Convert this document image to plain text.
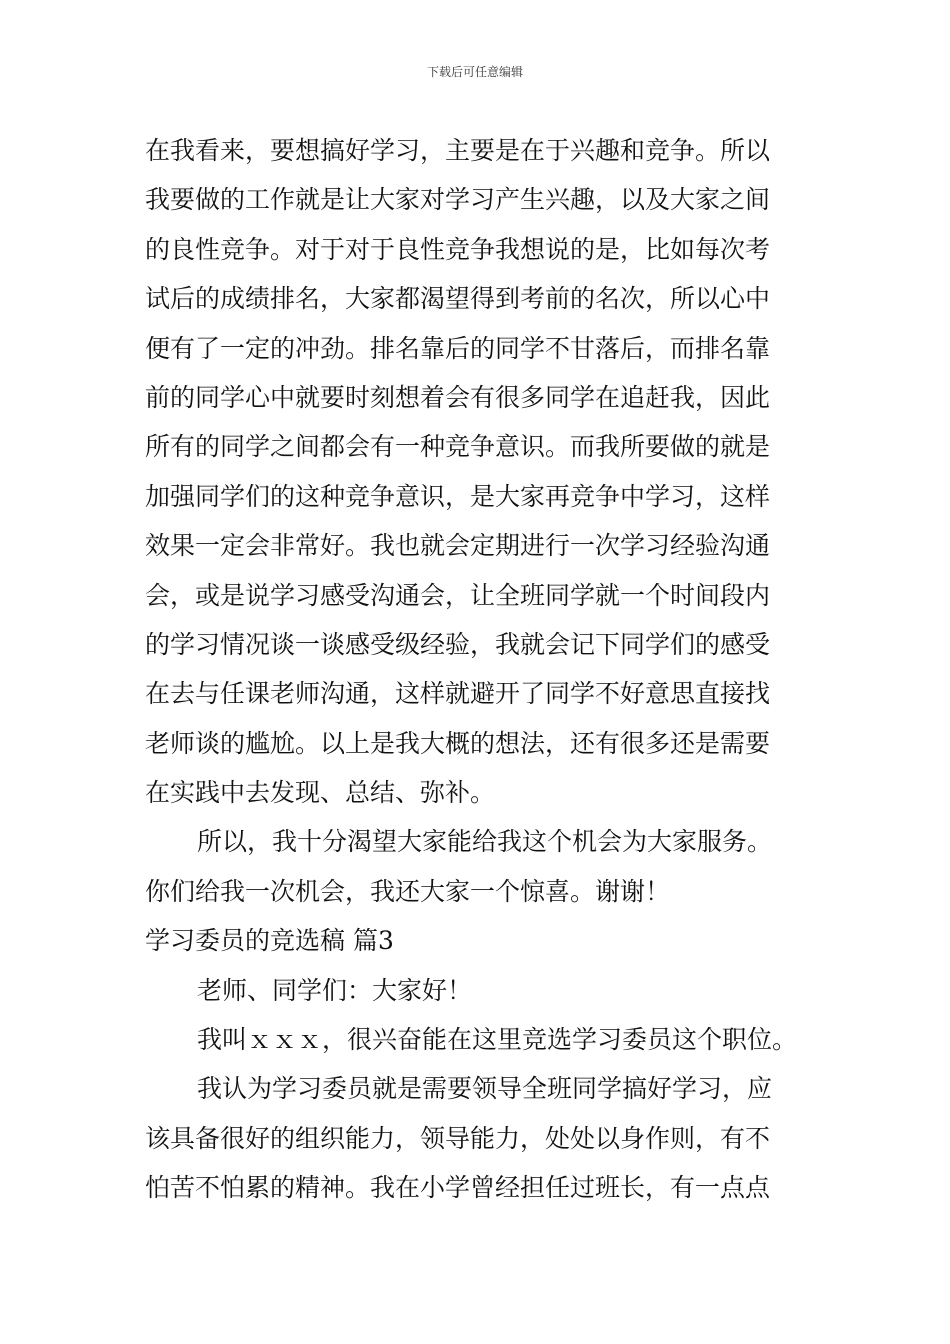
下载后可任意编辑
在我看来，要想搞好学习，主要是在于兴趣和竞争。所以
我要做的工作就是让大家对学习产生兴趣，以及大家之间
的良性竞争。对于对于良性竞争我想说的是，比如每次考
试后的成绩排名，大家都渴望得到考前的名次，所以心中
便有了一定的冲劲。排名靠后的同学不甘落后，而排名靠
前的同学心中就要时刻想着会有很多同学在追赶我，因此
所有的同学之间都会有一种竞争意识。而我所要做的就是
加强同学们的这种竞争意识，是大家再竞争中学习，这样
效果一定会非常好。我也就会定期进行一次学习经验沟通
会，或是说学习感受沟通会，让全班同学就一个时间段内
的学习情况谈一谈感受级经验，我就会记下同学们的感受
在去与任课老师沟通，这样就避开了同学不好意思直接找
老师谈的尴尬。以上是我大概的想法，还有很多还是需要
在实践中去发现、总结、弥补。
所以，我十分渴望大家能给我这个机会为大家服务。
你们给我一次机会，我还大家一个惊喜。谢谢！
学习委员的竞选稿 篇3
老师、同学们：大家好！
我叫ｘｘｘ，很兴奋能在这里竞选学习委员这个职位。
我认为学习委员就是需要领导全班同学搞好学习，应
该具备很好的组织能力，领导能力，处处以身作则，有不
怕苦不怕累的精神。我在小学曾经担任过班长，有一点点
